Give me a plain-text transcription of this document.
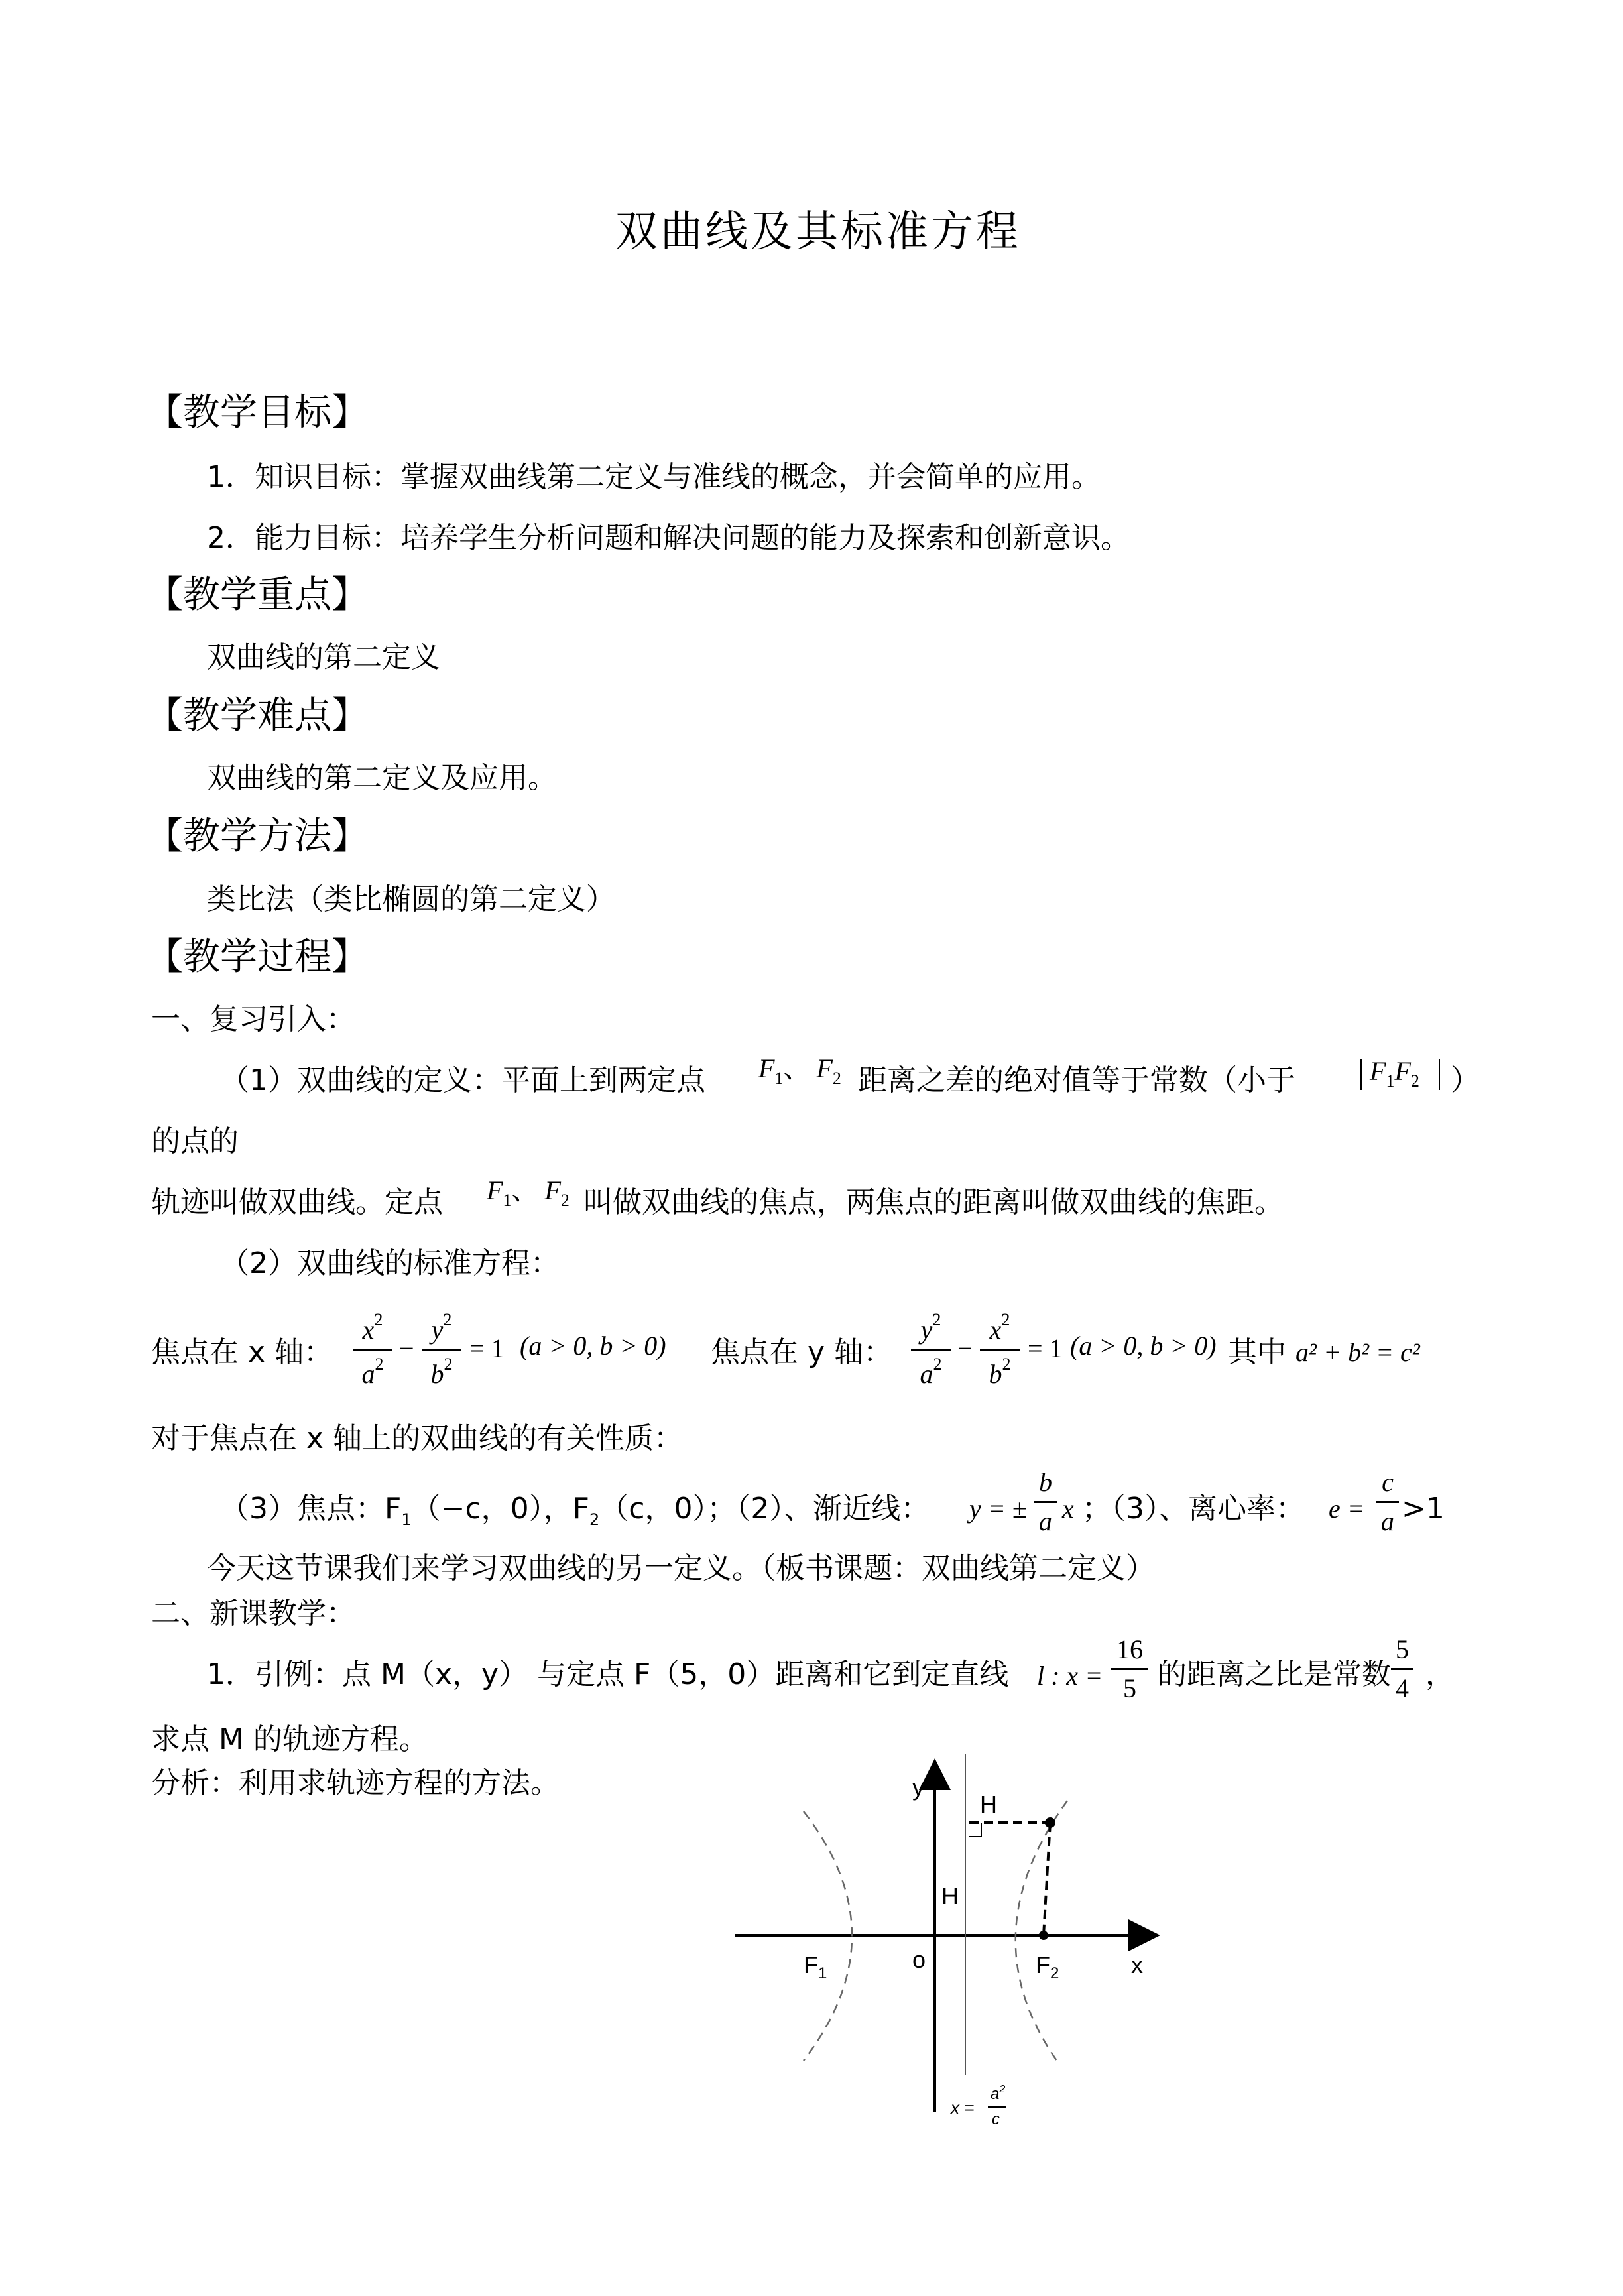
双曲线及其标准方程
【教学目标】
1．知识目标：掌握双曲线第二定义与准线的概念，并会简单的应用。
2．能力目标：培养学生分析问题和解决问题的能力及探索和创新意识。
【教学重点】
双曲线的第二定义
【教学难点】
双曲线的第二定义及应用。
【教学方法】
类比法（类比椭圆的第二定义）
【教学过程】
一、复习引入：
（1）双曲线的定义：平面上到两定点 $F_1$、 $F_2$ 距离之差的绝对值等于常数（小于	$F_1F_2$ ）
的点的
轨迹叫做双曲线。定点 $F_1$、 $F_2$ 叫做双曲线的焦点，两焦点的距离叫做双曲线的焦距。
（2）双曲线的标准方程：
焦点在 x 轴：
$x^2$
$a^2$
−
$y^2$
$b^2$
= 1 (a > 0, b > 0) 焦点在 y 轴：
$y^2$
$a^2$
−
$x^2$
$b^2$
= 1 (a > 0, b > 0) 其中 a² + b² = c²
对于焦点在 x 轴上的双曲线的有关性质：
（3）焦点：$F_1(-c$，0），$F_2(c$，0）；（2）、渐近线： y = ±
b
a x ；（3）、离心率： e =
c
a >1
今天这节课我们来学习双曲线的另一定义。（板书课题：双曲线第二定义）
二、新课教学：
1．引例：点 M（x，y） 与定点 F（5，0）距离和它到定直线 l : x =
16
5 的距离之比是常数
5
4 ，
求点 M 的轨迹方程。
分析：利用求轨迹方程的方法。	y
x
o
H
H
$F_1$	$F_2$
x =
$a^2$
c
